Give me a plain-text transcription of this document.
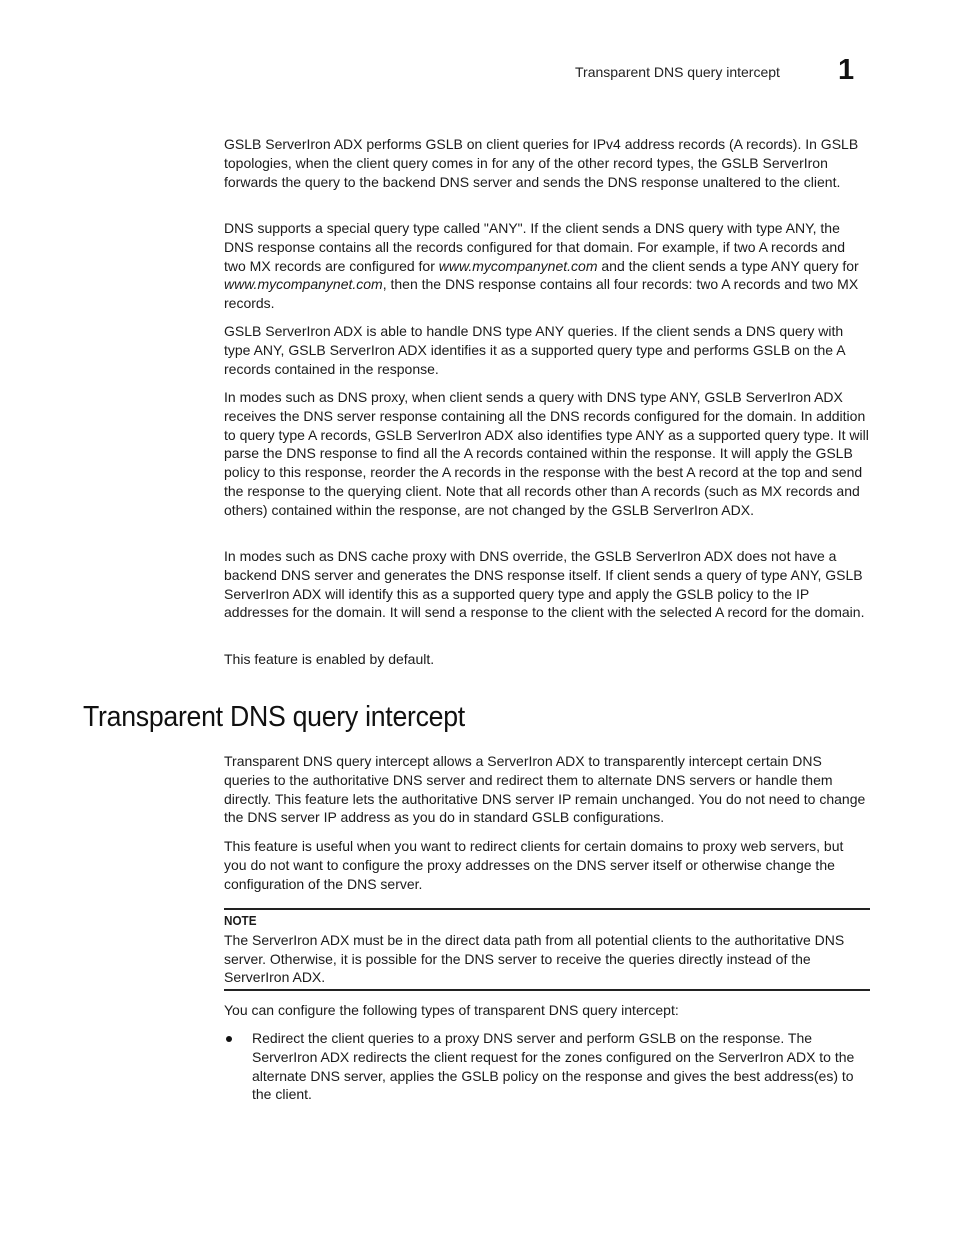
Transparent DNS query intercept 1

GSLB ServerIron ADX performs GSLB on client queries for IPv4 address records (A records). In GSLB topologies, when the client query comes in for any of the other record types, the GSLB ServerIron forwards the query to the backend DNS server and sends the DNS response unaltered to the client.

DNS supports a special query type called "ANY". If the client sends a DNS query with type ANY, the DNS response contains all the records configured for that domain. For example, if two A records and two MX records are configured for www.mycompanynet.com and the client sends a type ANY query for www.mycompanynet.com, then the DNS response contains all four records: two A records and two MX records.

GSLB ServerIron ADX is able to handle DNS type ANY queries. If the client sends a DNS query with type ANY, GSLB ServerIron ADX identifies it as a supported query type and performs GSLB on the A records contained in the response.

In modes such as DNS proxy, when client sends a query with DNS type ANY, GSLB ServerIron ADX receives the DNS server response containing all the DNS records configured for the domain. In addition to query type A records, GSLB ServerIron ADX also identifies type ANY as a supported query type. It will parse the DNS response to find all the A records contained within the response. It will apply the GSLB policy to this response, reorder the A records in the response with the best A record at the top and send the response to the querying client. Note that all records other than A records (such as MX records and others) contained within the response, are not changed by the GSLB ServerIron ADX.

In modes such as DNS cache proxy with DNS override, the GSLB ServerIron ADX does not have a backend DNS server and generates the DNS response itself. If client sends a query of type ANY, GSLB ServerIron ADX will identify this as a supported query type and apply the GSLB policy to the IP addresses for the domain. It will send a response to the client with the selected A record for the domain.

This feature is enabled by default.

Transparent DNS query intercept

Transparent DNS query intercept allows a ServerIron ADX to transparently intercept certain DNS queries to the authoritative DNS server and redirect them to alternate DNS servers or handle them directly. This feature lets the authoritative DNS server IP remain unchanged. You do not need to change the DNS server IP address as you do in standard GSLB configurations.

This feature is useful when you want to redirect clients for certain domains to proxy web servers, but you do not want to configure the proxy addresses on the DNS server itself or otherwise change the configuration of the DNS server.

NOTE

The ServerIron ADX must be in the direct data path from all potential clients to the authoritative DNS server. Otherwise, it is possible for the DNS server to receive the queries directly instead of the ServerIron ADX.

You can configure the following types of transparent DNS query intercept:

Redirect the client queries to a proxy DNS server and perform GSLB on the response. The ServerIron ADX redirects the client request for the zones configured on the ServerIron ADX to the alternate DNS server, applies the GSLB policy on the response and gives the best address(es) to the client.
